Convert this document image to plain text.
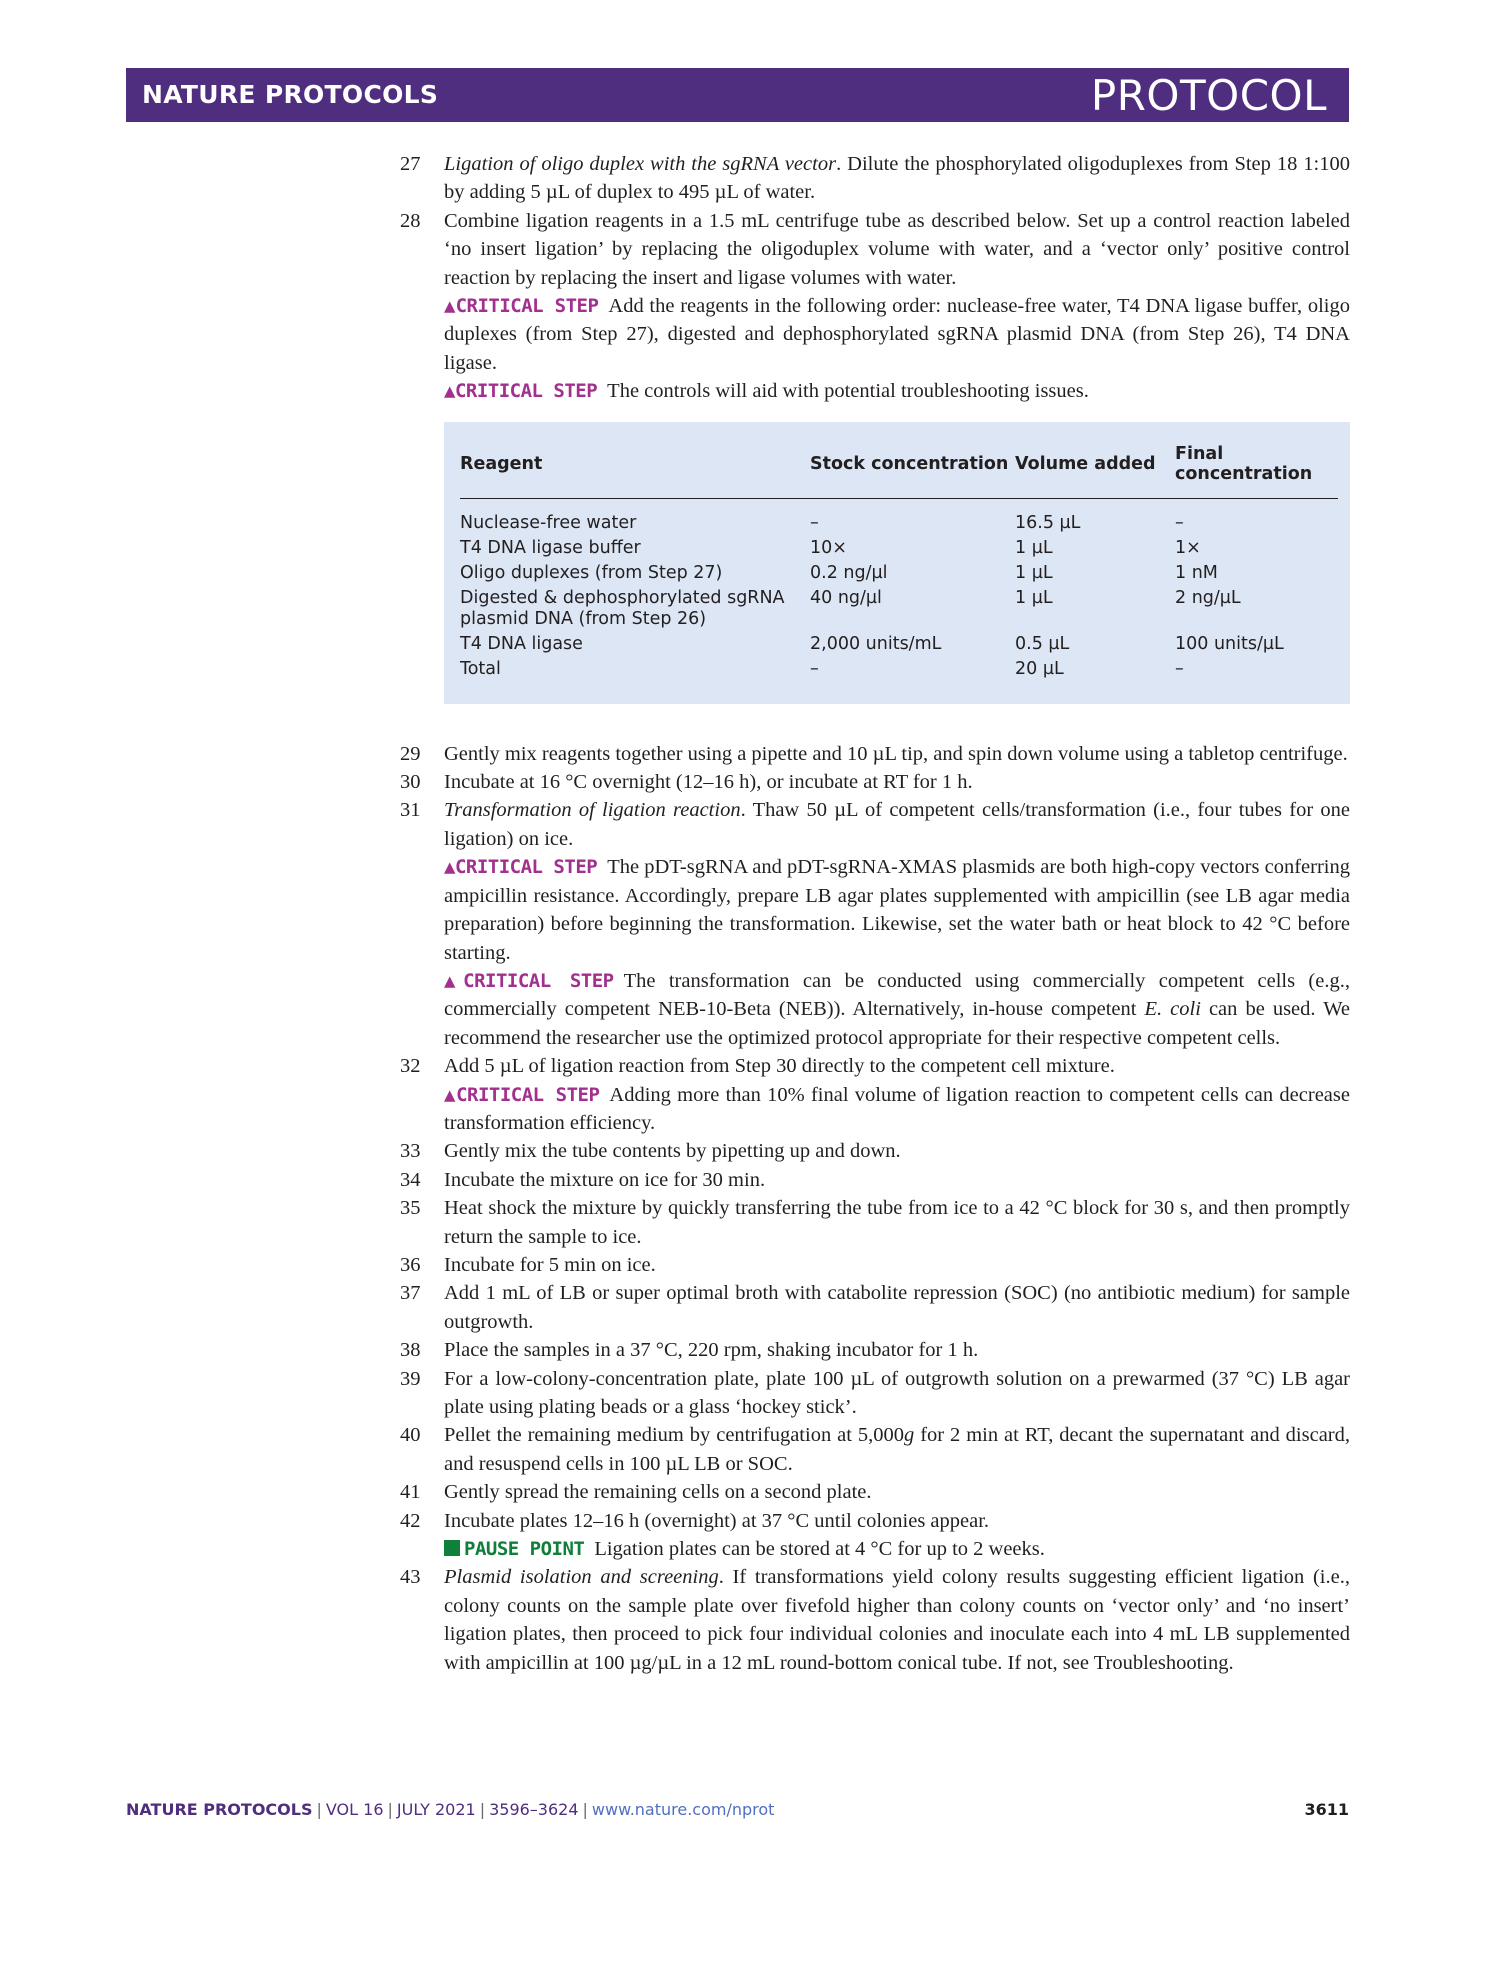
NATURE PROTOCOLS	PROTOCOL
27 Ligation of oligo duplex with the sgRNA vector. Dilute the phosphorylated oligoduplexes from Step 18 1:100 by adding 5 µL of duplex to 495 µL of water.
28 Combine ligation reagents in a 1.5 mL centrifuge tube as described below. Set up a control reaction labeled ‘no insert ligation’ by replacing the oligoduplex volume with water, and a ‘vector only’ positive control reaction by replacing the insert and ligase volumes with water.
▲CRITICAL STEP Add the reagents in the following order: nuclease-free water, T4 DNA ligase buffer, oligo duplexes (from Step 27), digested and dephosphorylated sgRNA plasmid DNA (from Step 26), T4 DNA ligase.
▲CRITICAL STEP The controls will aid with potential troubleshooting issues.
Reagent	Stock concentration	Volume added	Final concentration
Nuclease-free water	–	16.5 µL	–
T4 DNA ligase buffer	10×	1 µL	1×
Oligo duplexes (from Step 27)	0.2 ng/µl	1 µL	1 nM
Digested & dephosphorylated sgRNA plasmid DNA (from Step 26)	40 ng/µl	1 µL	2 ng/µL
T4 DNA ligase	2,000 units/mL	0.5 µL	100 units/µL
Total	–	20 µL	–
29 Gently mix reagents together using a pipette and 10 µL tip, and spin down volume using a tabletop centrifuge.
30 Incubate at 16 °C overnight (12–16 h), or incubate at RT for 1 h.
31 Transformation of ligation reaction. Thaw 50 µL of competent cells/transformation (i.e., four tubes for one ligation) on ice.
▲CRITICAL STEP The pDT-sgRNA and pDT-sgRNA-XMAS plasmids are both high-copy vectors conferring ampicillin resistance. Accordingly, prepare LB agar plates supplemented with ampicillin (see LB agar media preparation) before beginning the transformation. Likewise, set the water bath or heat block to 42 °C before starting.
▲CRITICAL STEP The transformation can be conducted using commercially competent cells (e.g., commercially competent NEB-10-Beta (NEB)). Alternatively, in-house competent E. coli can be used. We recommend the researcher use the optimized protocol appropriate for their respective competent cells.
32 Add 5 µL of ligation reaction from Step 30 directly to the competent cell mixture.
▲CRITICAL STEP Adding more than 10% final volume of ligation reaction to competent cells can decrease transformation efficiency.
33 Gently mix the tube contents by pipetting up and down.
34 Incubate the mixture on ice for 30 min.
35 Heat shock the mixture by quickly transferring the tube from ice to a 42 °C block for 30 s, and then promptly return the sample to ice.
36 Incubate for 5 min on ice.
37 Add 1 mL of LB or super optimal broth with catabolite repression (SOC) (no antibiotic medium) for sample outgrowth.
38 Place the samples in a 37 °C, 220 rpm, shaking incubator for 1 h.
39 For a low-colony-concentration plate, plate 100 µL of outgrowth solution on a prewarmed (37 °C) LB agar plate using plating beads or a glass ‘hockey stick’.
40 Pellet the remaining medium by centrifugation at 5,000g for 2 min at RT, decant the supernatant and discard, and resuspend cells in 100 µL LB or SOC.
41 Gently spread the remaining cells on a second plate.
42 Incubate plates 12–16 h (overnight) at 37 °C until colonies appear.
PAUSE POINT Ligation plates can be stored at 4 °C for up to 2 weeks.
43 Plasmid isolation and screening. If transformations yield colony results suggesting efficient ligation (i.e., colony counts on the sample plate over fivefold higher than colony counts on ‘vector only’ and ‘no insert’ ligation plates, then proceed to pick four individual colonies and inoculate each into 4 mL LB supplemented with ampicillin at 100 µg/µL in a 12 mL round-bottom conical tube. If not, see Troubleshooting.
NATURE PROTOCOLS | VOL 16 | JULY 2021 | 3596–3624 | www.nature.com/nprot	3611
